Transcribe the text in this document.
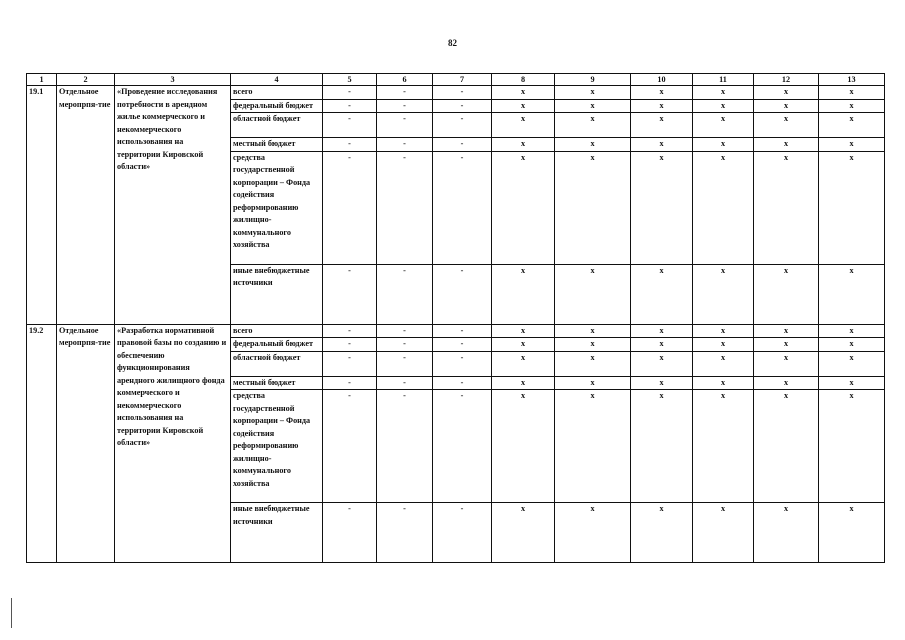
82
1	2	3	4	5	6	7	8	9	10	11	12	13
19.1	Отдельное меропрпя-тие	«Проведение исследования потребности в арендном жилье коммерческого и некоммерческого использования на территории Кировской области»	всего	-	-	-	x	x	x	x	x	x
			федеральный бюджет	-	-	-	x	x	x	x	x	x
			областной бюджет	-	-	-	x	x	x	x	x	x
			местный бюджет	-	-	-	x	x	x	x	x	x
			средства государственной корпорации – Фонда содействия реформированию жилищно-коммунального хозяйства	-	-	-	x	x	x	x	x	x
			иные внебюджетные источники	-	-	-	x	x	x	x	x	x
19.2	Отдельное меропрпя-тие	«Разработка нормативной правовой базы по созданию и обеспечению функционирования арендного жилищного фонда коммерческого и некоммерческого использования на территории Кировской области»	всего	-	-	-	x	x	x	x	x	x
			федеральный бюджет	-	-	-	x	x	x	x	x	x
			областной бюджет	-	-	-	x	x	x	x	x	x
			местный бюджет	-	-	-	x	x	x	x	x	x
			средства государственной корпорации – Фонда содействия реформированию жилищно-коммунального хозяйства	-	-	-	x	x	x	x	x	x
			иные внебюджетные источники	-	-	-	x	x	x	x	x	x
